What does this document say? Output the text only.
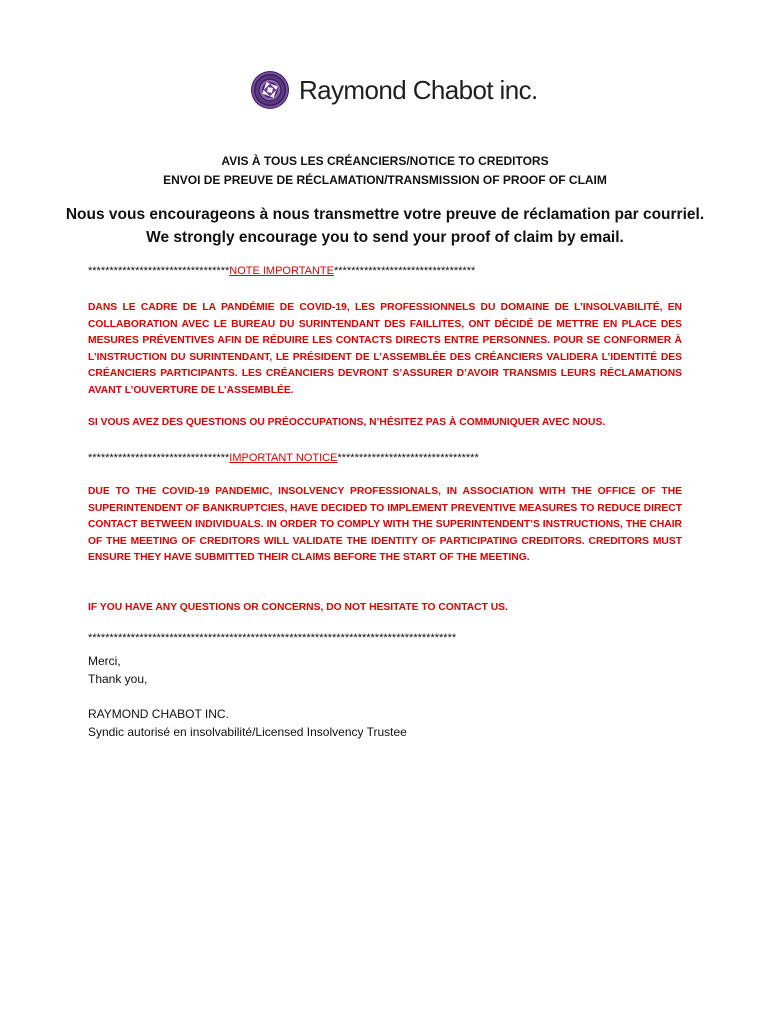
Raymond Chabot inc.
AVIS À TOUS LES CRÉANCIERS/NOTICE TO CREDITORS
ENVOI DE PREUVE DE RÉCLAMATION/TRANSMISSION OF PROOF OF CLAIM
Nous vous encourageons à nous transmettre votre preuve de réclamation par courriel.
We strongly encourage you to send your proof of claim by email.
*********************************NOTE IMPORTANTE*********************************
DANS LE CADRE DE LA PANDÉMIE DE COVID-19, LES PROFESSIONNELS DU DOMAINE DE L’INSOLVABILITÉ, EN COLLABORATION AVEC LE BUREAU DU SURINTENDANT DES FAILLITES, ONT DÉCIDÉ DE METTRE EN PLACE DES MESURES PRÉVENTIVES AFIN DE RÉDUIRE LES CONTACTS DIRECTS ENTRE PERSONNES. POUR SE CONFORMER À L’INSTRUCTION DU SURINTENDANT, LE PRÉSIDENT DE L’ASSEMBLÉE DES CRÉANCIERS VALIDERA L’IDENTITÉ DES CRÉANCIERS PARTICIPANTS. LES CRÉANCIERS DEVRONT S’ASSURER D’AVOIR TRANSMIS LEURS RÉCLAMATIONS AVANT L’OUVERTURE DE L’ASSEMBLÉE.
SI VOUS AVEZ DES QUESTIONS OU PRÉOCCUPATIONS, N’HÉSITEZ PAS À COMMUNIQUER AVEC NOUS.
*********************************IMPORTANT NOTICE*********************************
DUE TO THE COVID-19 PANDEMIC, INSOLVENCY PROFESSIONALS, IN ASSOCIATION WITH THE OFFICE OF THE SUPERINTENDENT OF BANKRUPTCIES, HAVE DECIDED TO IMPLEMENT PREVENTIVE MEASURES TO REDUCE DIRECT CONTACT BETWEEN INDIVIDUALS. IN ORDER TO COMPLY WITH THE SUPERINTENDENT’S INSTRUCTIONS, THE CHAIR OF THE MEETING OF CREDITORS WILL VALIDATE THE IDENTITY OF PARTICIPATING CREDITORS. CREDITORS MUST ENSURE THEY HAVE SUBMITTED THEIR CLAIMS BEFORE THE START OF THE MEETING.
IF YOU HAVE ANY QUESTIONS OR CONCERNS, DO NOT HESITATE TO CONTACT US.
**************************************************************************************
Merci,
Thank you,
RAYMOND CHABOT INC.
Syndic autorisé en insolvabilité/Licensed Insolvency Trustee
